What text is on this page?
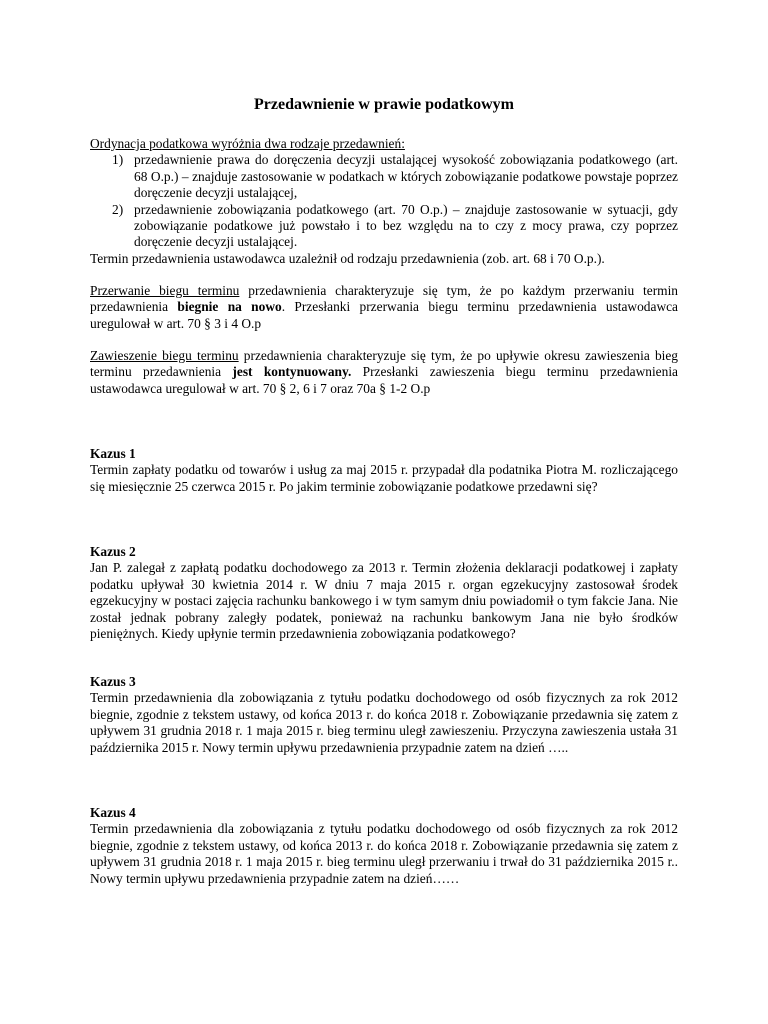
Przedawnienie w prawie podatkowym

Ordynacja podatkowa wyróżnia dwa rodzaje przedawnień:

1) przedawnienie prawa do doręczenia decyzji ustalającej wysokość zobowiązania podatkowego (art. 68 O.p.) – znajduje zastosowanie w podatkach w których zobowiązanie podatkowe powstaje poprzez doręczenie decyzji ustalającej,
2) przedawnienie zobowiązania podatkowego (art. 70 O.p.) – znajduje zastosowanie w sytuacji, gdy zobowiązanie podatkowe już powstało i to bez względu na to czy z mocy prawa, czy poprzez doręczenie decyzji ustalającej.

Termin przedawnienia ustawodawca uzależnił od rodzaju przedawnienia (zob. art. 68 i 70 O.p.).

Przerwanie biegu terminu przedawnienia charakteryzuje się tym, że po każdym przerwaniu termin przedawnienia biegnie na nowo. Przesłanki przerwania biegu terminu przedawnienia ustawodawca uregulował w art. 70 § 3 i 4 O.p
Zawieszenie biegu terminu przedawnienia charakteryzuje się tym, że po upływie okresu zawieszenia bieg terminu przedawnienia jest kontynuowany. Przesłanki zawieszenia biegu terminu przedawnienia ustawodawca uregulował w art. 70 § 2, 6 i 7 oraz 70a § 1-2 O.p

Kazus 1

Termin zapłaty podatku od towarów i usług za maj 2015 r. przypadał dla podatnika Piotra M. rozliczającego się miesięcznie 25 czerwca 2015 r. Po jakim terminie zobowiązanie podatkowe przedawni się?

Kazus 2

Jan P. zalegał z zapłatą podatku dochodowego za 2013 r. Termin złożenia deklaracji podatkowej i zapłaty podatku upływał 30 kwietnia 2014 r. W dniu 7 maja 2015 r. organ egzekucyjny zastosował środek egzekucyjny w postaci zajęcia rachunku bankowego i w tym samym dniu powiadomił o tym fakcie Jana. Nie został jednak pobrany zaległy podatek, ponieważ na rachunku bankowym Jana nie było środków pieniężnych. Kiedy upłynie termin przedawnienia zobowiązania podatkowego?

Kazus 3

Termin przedawnienia dla zobowiązania z tytułu podatku dochodowego od osób fizycznych za rok 2012 biegnie, zgodnie z tekstem ustawy, od końca 2013 r. do końca 2018 r. Zobowiązanie przedawnia się zatem z upływem 31 grudnia 2018 r. 1 maja 2015 r. bieg terminu uległ zawieszeniu. Przyczyna zawieszenia ustała 31 października 2015 r. Nowy termin upływu przedawnienia przypadnie zatem na dzień …..

Kazus 4

Termin przedawnienia dla zobowiązania z tytułu podatku dochodowego od osób fizycznych za rok 2012 biegnie, zgodnie z tekstem ustawy, od końca 2013 r. do końca 2018 r. Zobowiązanie przedawnia się zatem z upływem 31 grudnia 2018 r. 1 maja 2015 r. bieg terminu uległ przerwaniu i trwał do 31 października 2015 r.. Nowy termin upływu przedawnienia przypadnie zatem na dzień……
